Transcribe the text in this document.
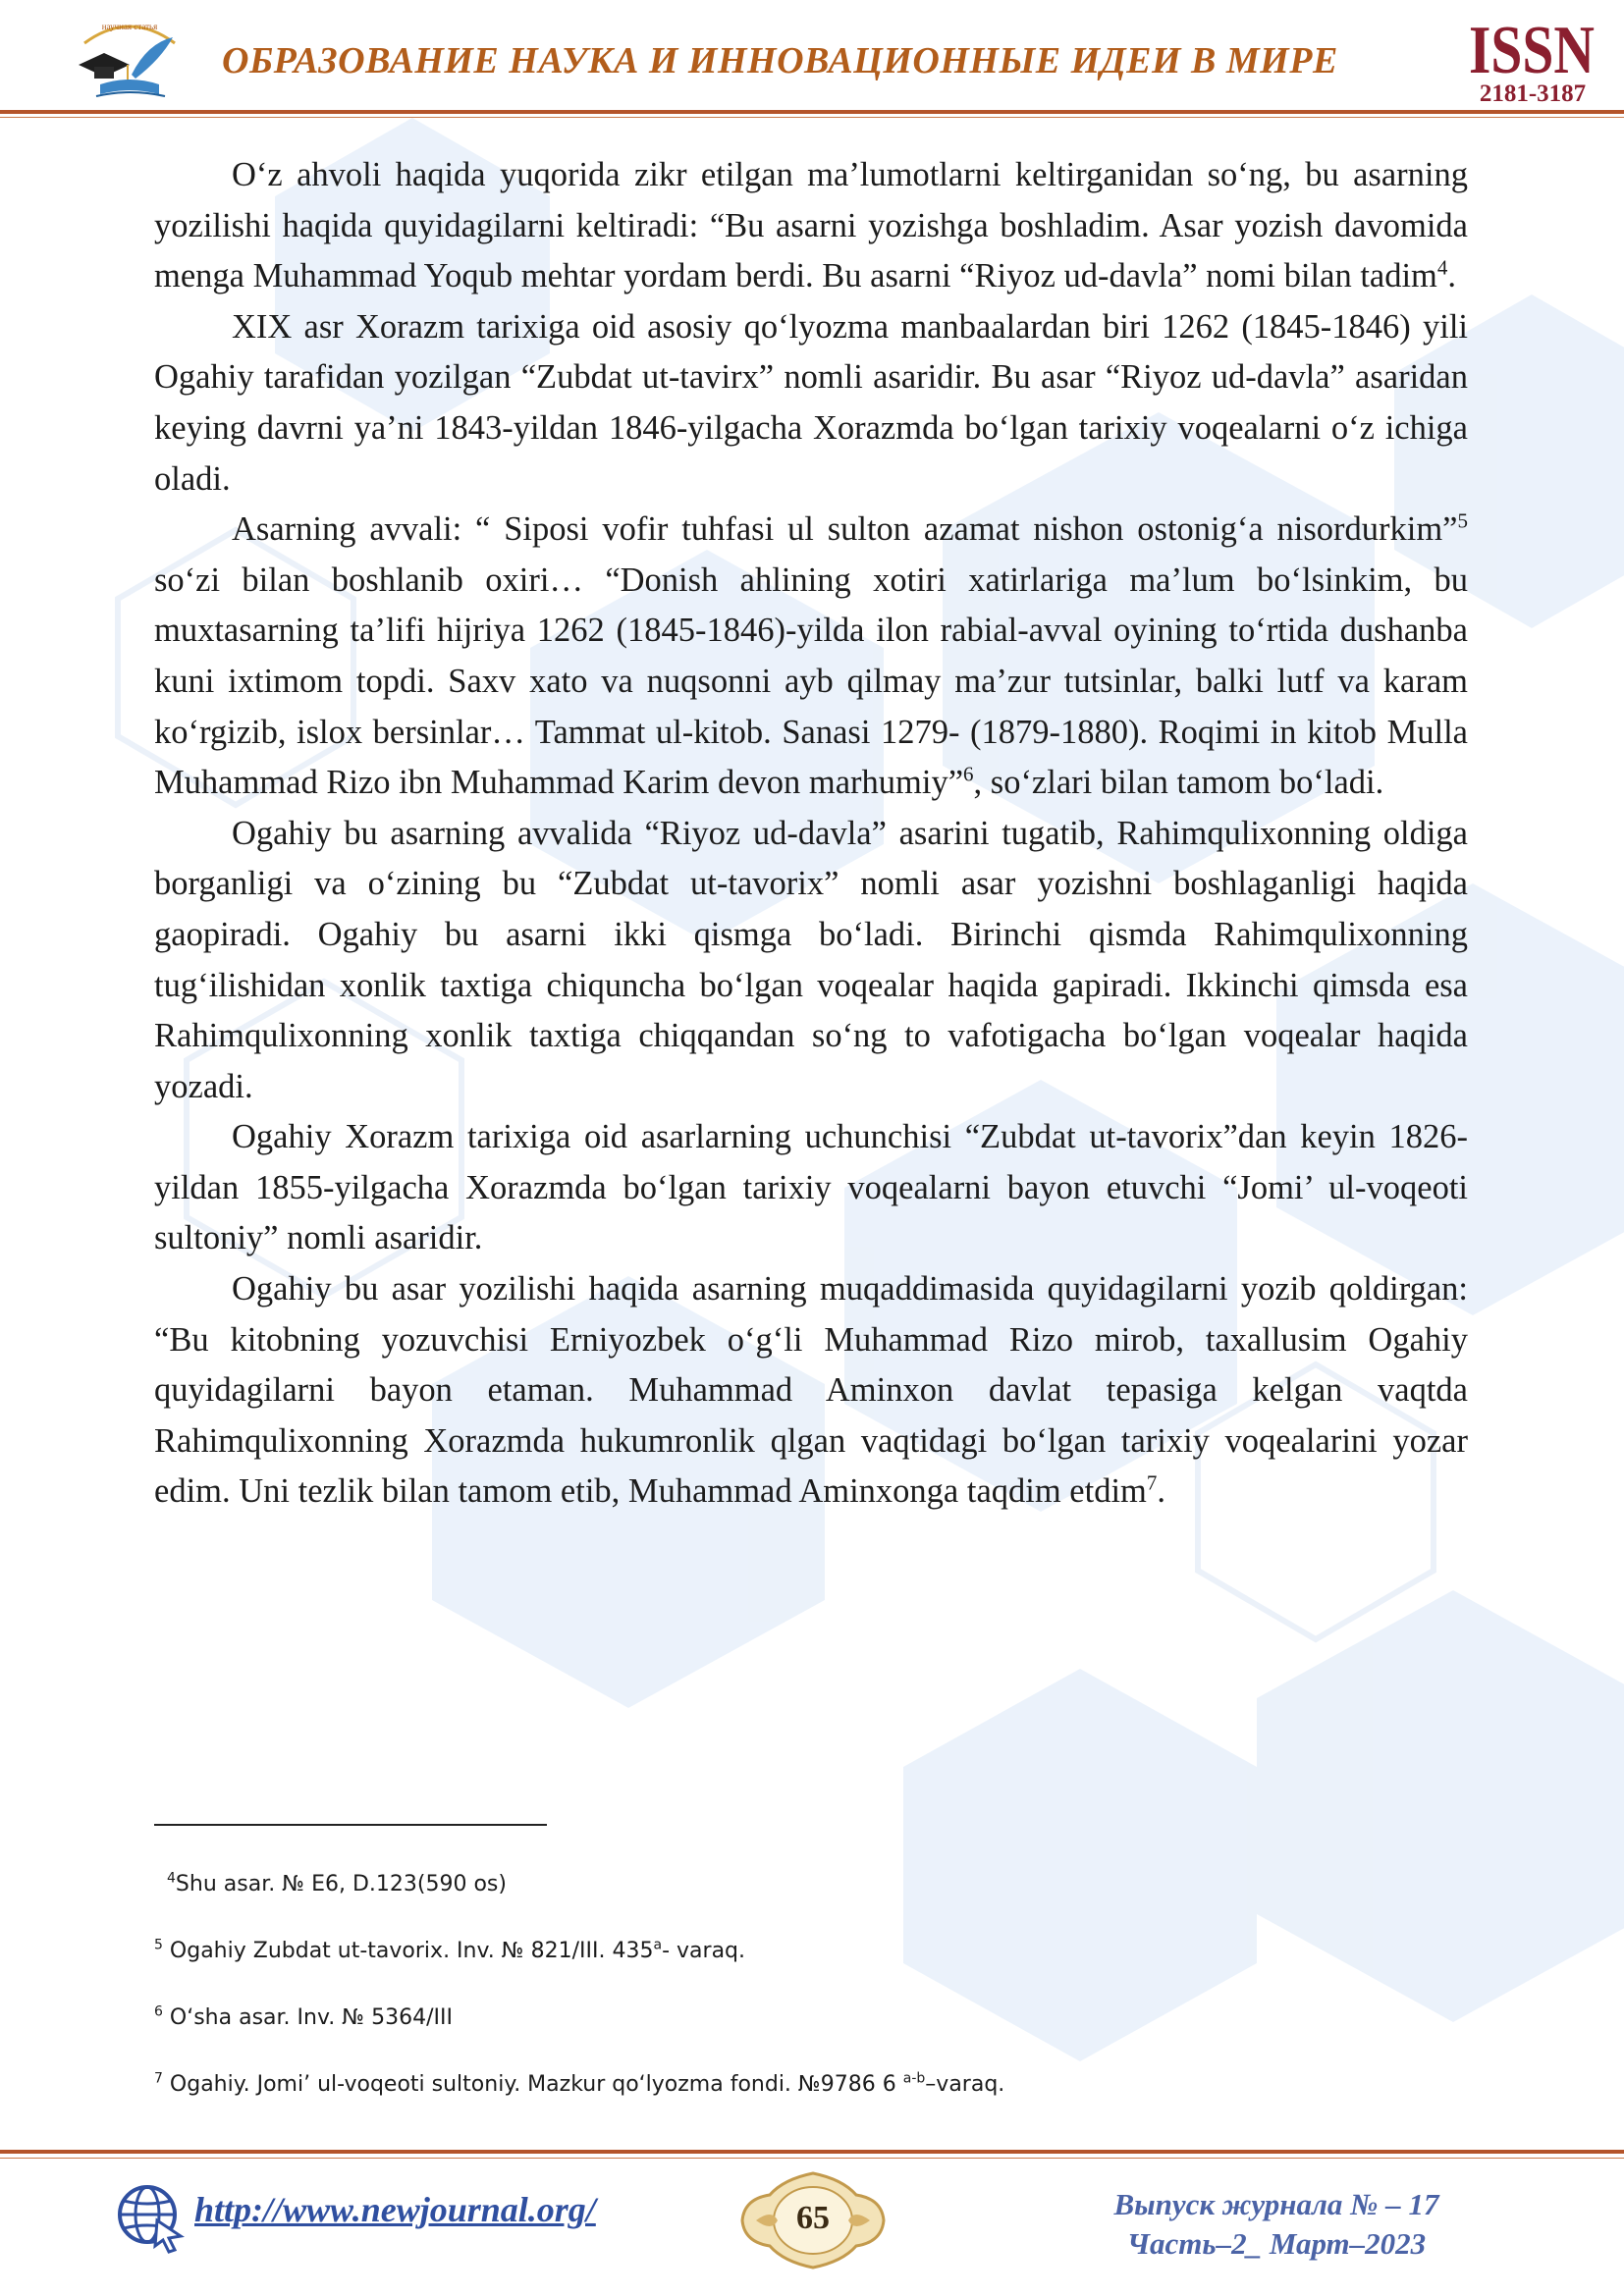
научная статья
ОБРАЗОВАНИЕ НАУКА И ИННОВАЦИОННЫЕ ИДЕИ В МИРЕ	ISSN
2181-3187

O‘z ahvoli haqida yuqorida zikr etilgan ma’lumotlarni keltirganidan so‘ng, bu asarning yozilishi haqida quyidagilarni keltiradi: “Bu asarni yozishga boshladim. Asar yozish davomida menga Muhammad Yoqub mehtar yordam berdi. Bu asarni “Riyoz ud-davla” nomi bilan tadim$^4$.

XIX asr Xorazm tarixiga oid asosiy qo‘lyozma manbaalardan biri 1262 (1845-1846) yili Ogahiy tarafidan yozilgan “Zubdat ut-tavirx” nomli asaridir. Bu asar “Riyoz ud-davla” asaridan keying davrni ya’ni 1843-yildan 1846-yilgacha Xorazmda bo‘lgan tarixiy voqealarni o‘z ichiga oladi.

Asarning avvali: “ Siposi vofir tuhfasi ul sulton azamat nishon ostonig‘a nisordurkim”$^5$ so‘zi bilan boshlanib oxiri… “Donish ahlining xotiri xatirlariga ma’lum bo‘lsinkim, bu muxtasarning ta’lifi hijriya 1262 (1845-1846)-yilda ilon rabial-avval oyining to‘rtida dushanba kuni ixtimom topdi. Saxv xato va nuqsonni ayb qilmay ma’zur tutsinlar, balki lutf va karam ko‘rgizib, islox bersinlar… Tammat ul-kitob. Sanasi 1279- (1879-1880). Roqimi in kitob Mulla Muhammad Rizo ibn Muhammad Karim devon marhumiy”$^6$, so‘zlari bilan tamom bo‘ladi.

Ogahiy bu asarning avvalida “Riyoz ud-davla” asarini tugatib, Rahimqulixonning oldiga borganligi va o‘zining bu “Zubdat ut-tavorix” nomli asar yozishni boshlaganligi haqida gaopiradi. Ogahiy bu asarni ikki qismga bo‘ladi. Birinchi qismda Rahimqulixonning tug‘ilishidan xonlik taxtiga chiquncha bo‘lgan voqealar haqida gapiradi. Ikkinchi qimsda esa Rahimqulixonning xonlik taxtiga chiqqandan so‘ng to vafotigacha bo‘lgan voqealar haqida yozadi.

Ogahiy Xorazm tarixiga oid asarlarning uchunchisi “Zubdat ut-tavorix”dan keyin 1826-yildan 1855-yilgacha Xorazmda bo‘lgan tarixiy voqealarni bayon etuvchi “Jomi’ ul-voqeoti sultoniy” nomli asaridir.

Ogahiy bu asar yozilishi haqida asarning muqaddimasida quyidagilarni yozib qoldirgan: “Bu kitobning yozuvchisi Erniyozbek o‘g‘li Muhammad Rizo mirob, taxallusim Ogahiy quyidagilarni bayon etaman. Muhammad Aminxon davlat tepasiga kelgan vaqtda Rahimqulixonning Xorazmda hukumronlik qlgan vaqtidagi bo‘lgan tarixiy voqealarini yozar edim. Uni tezlik bilan tamom etib, Muhammad Aminxonga taqdim etdim$^7$.

$^4$Shu asar. № E6, D.123(590 os)
$^5$ Ogahiy Zubdat ut-tavorix. Inv. № 821/III. 435$^a$- varaq.
$^6$ O‘sha asar. Inv. № 5364/III
$^7$ Ogahiy. Jomi’ ul-voqeoti sultoniy. Mazkur qo‘lyozma fondi. №9786 6 $^{a-b}$–varaq.
http://www.newjournal.org/	65	Выпуск журнала № – 17
Часть–2_ Март–2023
